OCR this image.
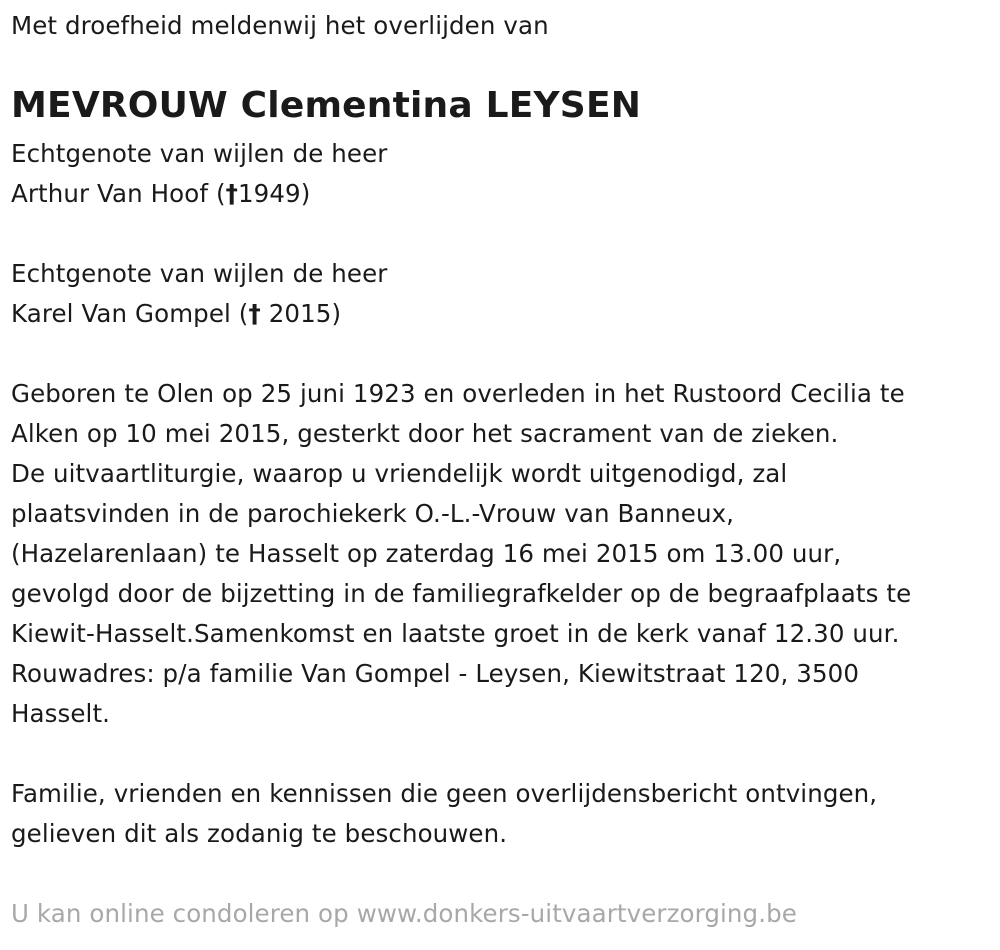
Met droefheid meldenwij het overlijden van
MEVROUW Clementina LEYSEN
Echtgenote van wijlen de heer
Arthur Van Hoof (†1949)
Echtgenote van wijlen de heer
Karel Van Gompel († 2015)
Geboren te Olen op 25 juni 1923 en overleden in het Rustoord Cecilia te
Alken op 10 mei 2015, gesterkt door het sacrament van de zieken.
De uitvaartliturgie, waarop u vriendelijk wordt uitgenodigd, zal
plaatsvinden in de parochiekerk O.-L.-Vrouw van Banneux,
(Hazelarenlaan) te Hasselt op zaterdag 16 mei 2015 om 13.00 uur,
gevolgd door de bijzetting in de familiegrafkelder op de begraafplaats te
Kiewit-Hasselt.Samenkomst en laatste groet in de kerk vanaf 12.30 uur.
Rouwadres: p/a familie Van Gompel - Leysen, Kiewitstraat 120, 3500
Hasselt.
Familie, vrienden en kennissen die geen overlijdensbericht ontvingen,
gelieven dit als zodanig te beschouwen.
U kan online condoleren op www.donkers-uitvaartverzorging.be
